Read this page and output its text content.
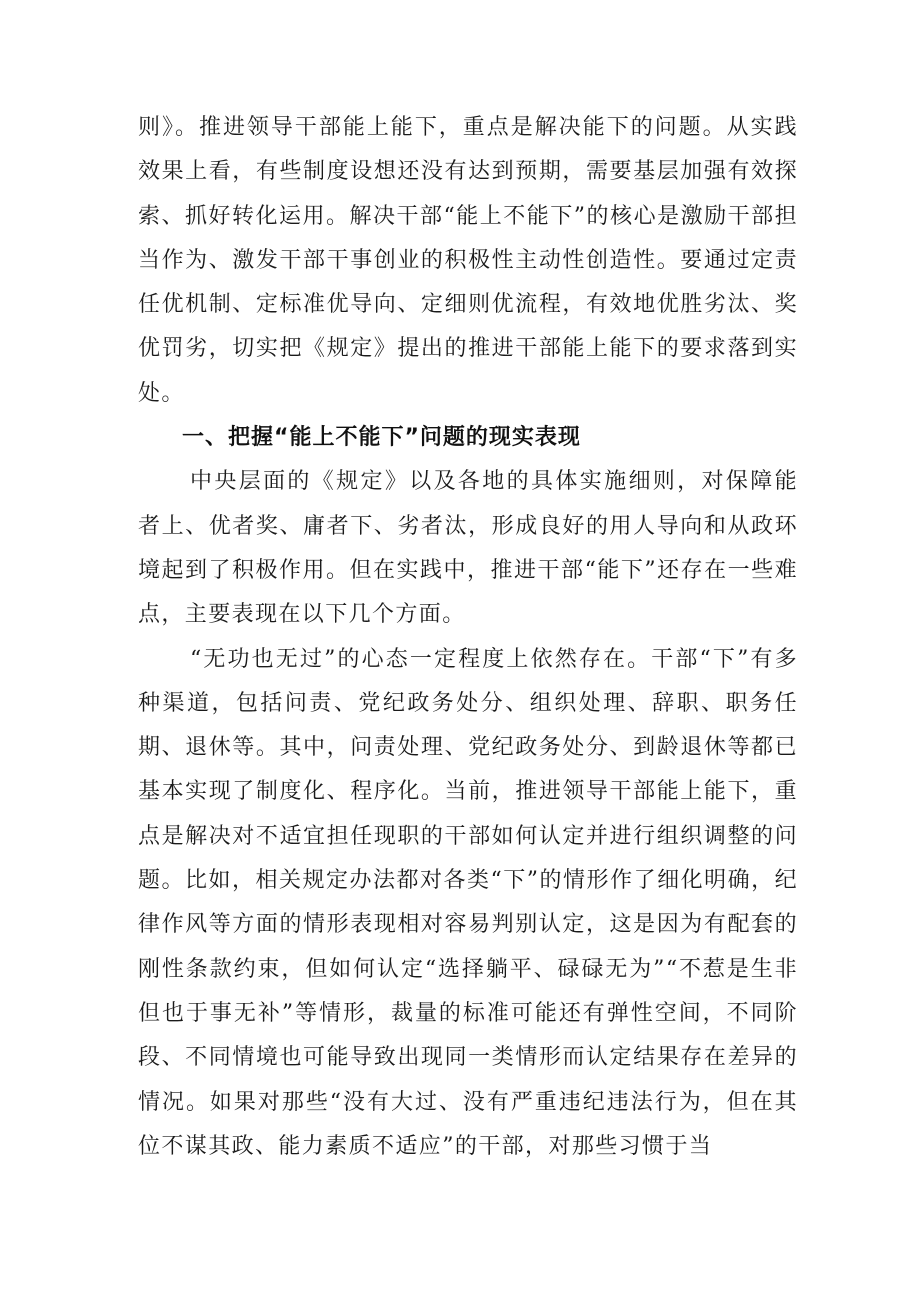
则》。推进领导干部能上能下，重点是解决能下的问题。从实践效果上看，有些制度设想还没有达到预期，需要基层加强有效探索、抓好转化运用。解决干部“能上不能下”的核心是激励干部担当作为、激发干部干事创业的积极性主动性创造性。要通过定责任优机制、定标准优导向、定细则优流程，有效地优胜劣汰、奖优罚劣，切实把《规定》提出的推进干部能上能下的要求落到实处。

一、把握“能上不能下”问题的现实表现

中央层面的《规定》以及各地的具体实施细则，对保障能者上、优者奖、庸者下、劣者汰，形成良好的用人导向和从政环境起到了积极作用。但在实践中，推进干部“能下”还存在一些难点，主要表现在以下几个方面。

“无功也无过”的心态一定程度上依然存在。干部“下”有多种渠道，包括问责、党纪政务处分、组织处理、辞职、职务任期、退休等。其中，问责处理、党纪政务处分、到龄退休等都已基本实现了制度化、程序化。当前，推进领导干部能上能下，重点是解决对不适宜担任现职的干部如何认定并进行组织调整的问题。比如，相关规定办法都对各类“下”的情形作了细化明确，纪律作风等方面的情形表现相对容易判别认定，这是因为有配套的刚性条款约束，但如何认定“选择躺平、碌碌无为”“不惹是生非但也于事无补”等情形，裁量的标准可能还有弹性空间，不同阶段、不同情境也可能导致出现同一类情形而认定结果存在差异的情况。如果对那些“没有大过、没有严重违纪违法行为，但在其位不谋其政、能力素质不适应”的干部，对那些习惯于当
